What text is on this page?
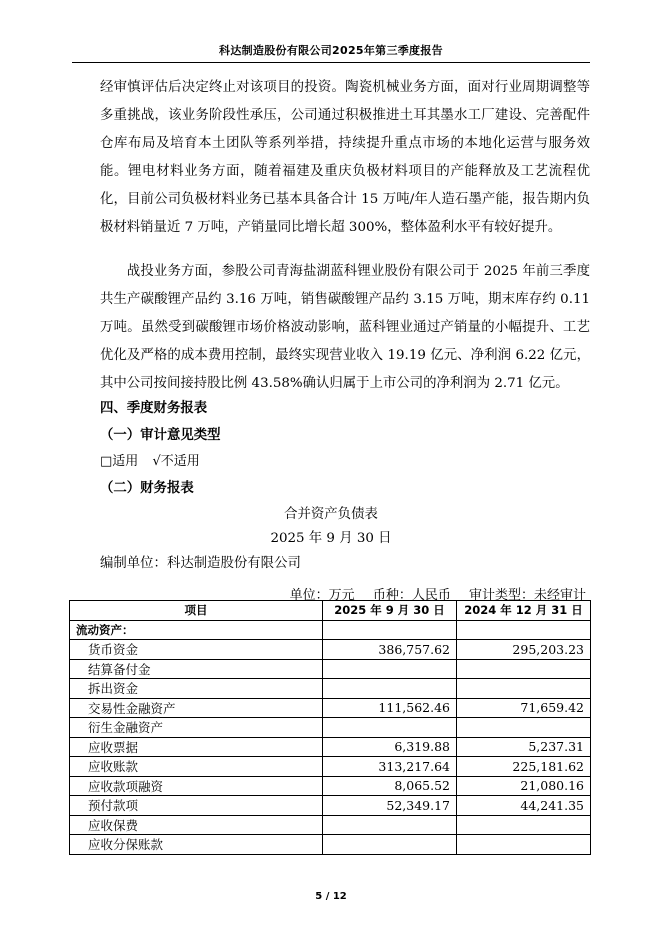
科达制造股份有限公司2025年第三季度报告

经审慎评估后决定终止对该项目的投资。陶瓷机械业务方面，面对行业周期调整等多重挑战，该业务阶段性承压，公司通过积极推进土耳其墨水工厂建设、完善配件仓库布局及培育本土团队等系列举措，持续提升重点市场的本地化运营与服务效能。锂电材料业务方面，随着福建及重庆负极材料项目的产能释放及工艺流程优化，目前公司负极材料业务已基本具备合计 15 万吨/年人造石墨产能，报告期内负极材料销量近 7 万吨，产销量同比增长超 300%，整体盈利水平有较好提升。

战投业务方面，参股公司青海盐湖蓝科锂业股份有限公司于 2025 年前三季度共生产碳酸锂产品约 3.16 万吨，销售碳酸锂产品约 3.15 万吨，期末库存约 0.11 万吨。虽然受到碳酸锂市场价格波动影响，蓝科锂业通过产销量的小幅提升、工艺优化及严格的成本费用控制，最终实现营业收入 19.19 亿元、净利润 6.22 亿元，其中公司按间接持股比例 43.58%确认归属于上市公司的净利润为 2.71 亿元。

四、季度财务报表
（一）审计意见类型
□适用 √不适用
（二）财务报表
合并资产负债表
2025 年 9 月 30 日
编制单位：科达制造股份有限公司
单位：万元 币种：人民币 审计类型：未经审计
项目	2025 年 9 月 30 日	2024 年 12 月 31 日
流动资产：		
货币资金	386,757.62	295,203.23
结算备付金		
拆出资金		
交易性金融资产	111,562.46	71,659.42
衍生金融资产		
应收票据	6,319.88	5,237.31
应收账款	313,217.64	225,181.62
应收款项融资	8,065.52	21,080.16
预付款项	52,349.17	44,241.35
应收保费		
应收分保账款		
5 / 12
